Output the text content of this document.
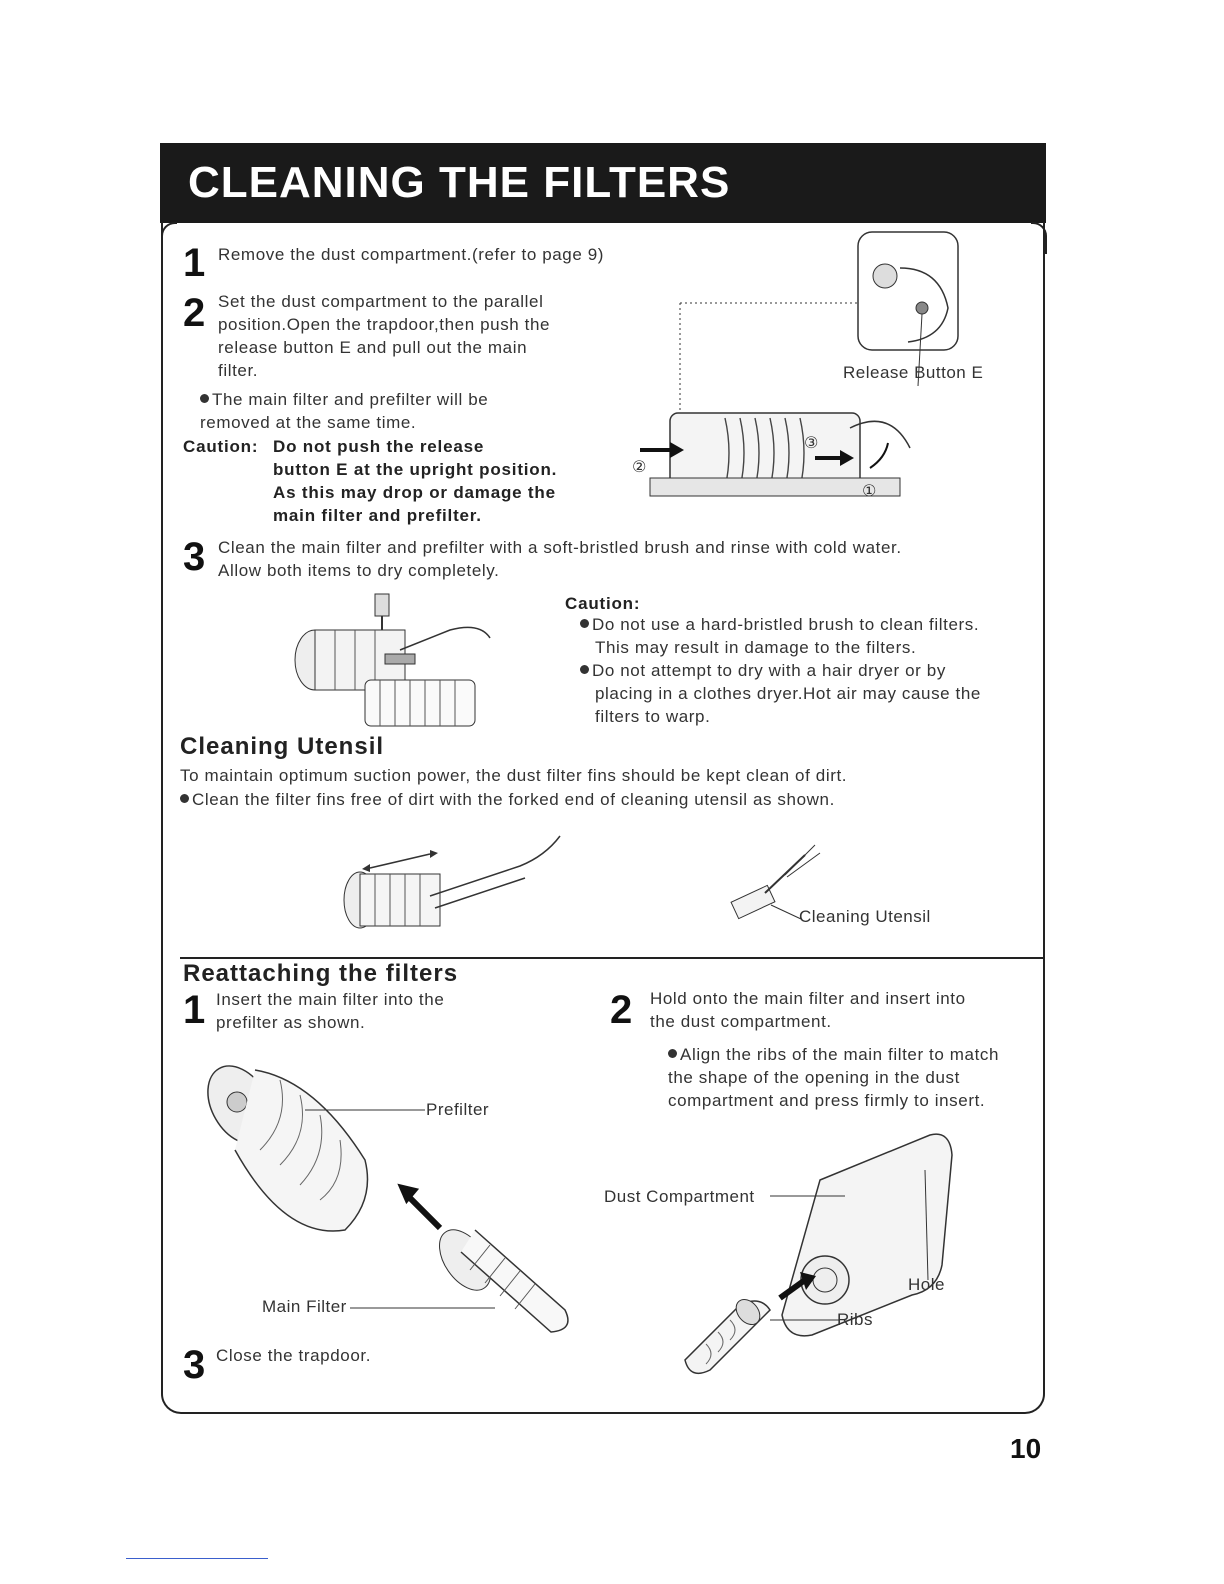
CLEANING THE FILTERS
1 Remove the dust compartment.(refer to page 9)
2 Set the dust compartment to the parallel
position.Open the trapdoor,then push the
release button E and pull out the main
filter.
The main filter and prefilter will be
removed at the same time.
Caution: Do not push the release
button E at the upright position.
As this may drop or damage the
main filter and prefilter.
Release Button E
②
③
①
3 Clean the main filter and prefilter with a soft-bristled brush and rinse with cold water.
Allow both items to dry completely.
Caution:
Do not use a hard-bristled brush to clean filters.
This may result in damage to the filters.
Do not attempt to dry with a hair dryer or by
placing in a clothes dryer.Hot air may cause the
filters to warp.
Cleaning Utensil
To maintain optimum suction power, the dust filter fins should be kept clean of dirt.
Clean the filter fins free of dirt with the forked end of cleaning utensil as shown.
Cleaning Utensil
Reattaching the filters
1 Insert the main filter into the
prefilter as shown.	2 Hold onto the main filter and insert into
the dust compartment.
Align the ribs of the main filter to match
the shape of the opening in the dust
compartment and press firmly to insert.
Prefilter
Main Filter
Dust Compartment
Hole
Ribs
3 Close the trapdoor.
10
